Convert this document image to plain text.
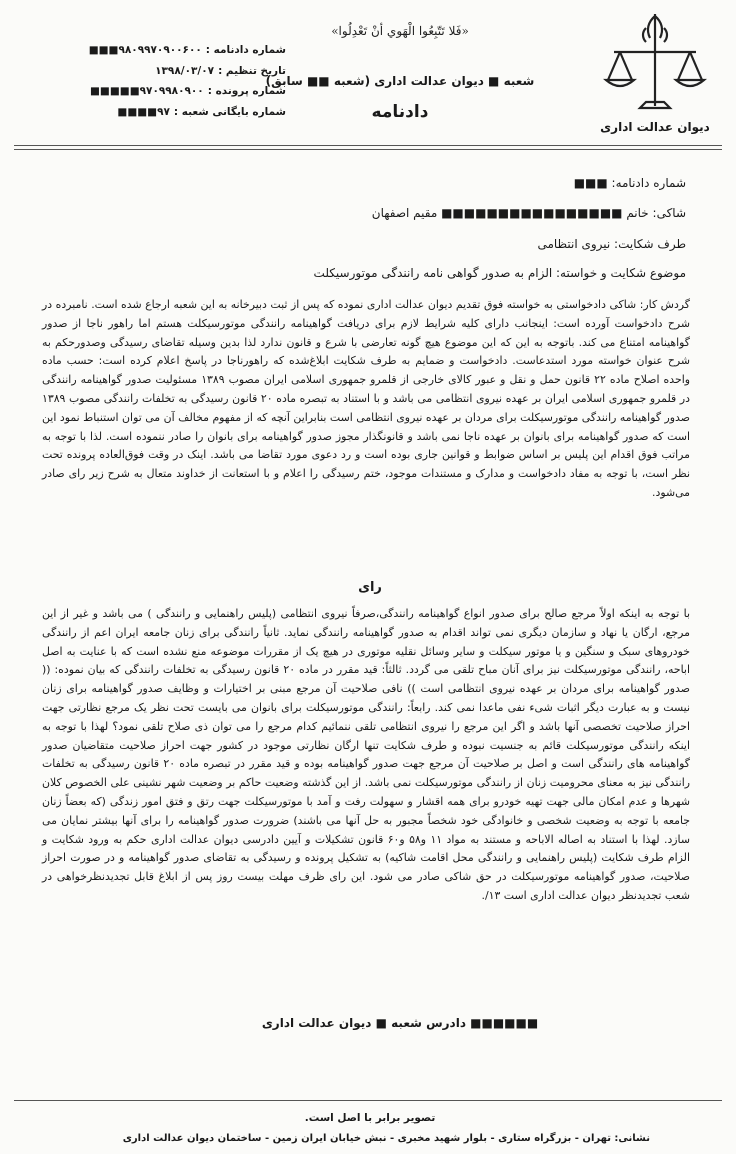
دیوان عدالت اداری
«فَلا تَتّبِعُوا الْهَوي أنْ تَعْدِلُوا»
شعبه ■ دیوان عدالت اداری (شعبه ■■ سابق)
دادنامه
شماره دادنامه :
۹۸۰۹۹۷۰۹۰۰۶۰۰■■■
تاریخ تنظیم :
۱۳۹۸/۰۳/۰۷
شماره پرونده :
۹۷۰۹۹۸۰۹۰۰■■■■■
شماره بایگانی شعبه :
۹۷■■■■
شماره دادنامه: ■■■
شاکی: خانم ■■■■■■■■■■■■■■■■ مقیم اصفهان
طرف شکایت: نیروی انتظامی
موضوع شکایت و خواسته: الزام به صدور گواهی نامه رانندگی موتورسیکلت
گردش کار: شاکی دادخواستی به خواسته فوق تقدیم دیوان عدالت اداری نموده که پس از ثبت دبیرخانه به این شعبه ارجاع شده است. نامبرده در شرح دادخواست آورده است: اینجانب دارای کلیه شرایط لازم برای دریافت گواهینامه رانندگی موتورسیکلت هستم اما راهور ناجا از صدور گواهینامه امتناع می کند. باتوجه به این که این موضوع هیچ گونه تعارضی با شرع و قانون ندارد لذا بدین وسیله تقاضای رسیدگی وصدورحکم به شرح عنوان خواسته مورد استدعاست. دادخواست و ضمایم به طرف شکایت ابلاغ‌شده که راهورناجا در پاسخ اعلام کرده است: حسب ماده واحده اصلاح ماده ۲۲ قانون حمل و نقل و عبور کالای خارجی از قلمرو جمهوری اسلامی ایران مصوب ۱۳۸۹ مسئولیت صدور گواهینامه رانندگی در قلمرو جمهوری اسلامی ایران بر عهده نیروی انتظامی می باشد و با استناد به تبصره ماده ۲۰ قانون رسیدگی به تخلفات رانندگی مصوب ۱۳۸۹ صدور گواهینامه رانندگی موتورسیکلت برای مردان بر عهده نیروی انتظامی است بنابراین آنچه که از مفهوم مخالف آن می توان استنباط نمود این است که صدور گواهینامه برای بانوان بر عهده ناجا نمی باشد و قانونگذار مجوز صدور گواهینامه برای بانوان را صادر ننموده است. لذا با توجه به مراتب فوق اقدام این پلیس بر اساس ضوابط و قوانین جاری بوده است و رد دعوی مورد تقاضا می باشد. اینک در وقت فوق‌العاده پرونده تحت نظر است، با توجه به مفاد دادخواست و مدارک و مستندات موجود، ختم رسیدگی را اعلام و با استعانت از خداوند متعال به شرح زیر رای صادر می‌شود.
رای
با توجه به اینکه اولاً مرجع صالح برای صدور انواع گواهینامه رانندگی،صرفاً نیروی انتظامی (پلیس راهنمایی و رانندگی ) می باشد و غیر از این مرجع، ارگان یا نهاد و سازمان دیگری نمی تواند اقدام به صدور گواهینامه رانندگی نماید. ثانیاً رانندگی برای زنان جامعه ایران اعم از رانندگی خودروهای سبک و سنگین و یا موتور سیکلت و سایر وسائل نقلیه موتوری در هیچ یک از مقررات موضوعه منع نشده است که با عنایت به اصل اباحه، رانندگی موتورسیکلت نیز برای آنان مباح تلقی می گردد. ثالثاً: قید مقرر در ماده ۲۰ قانون رسیدگی به تخلفات رانندگی که بیان نموده: (( صدور گواهینامه برای مردان بر عهده نیروی انتظامی است )) نافی صلاحیت آن مرجع مبنی بر اختیارات و وظایف صدور گواهینامه برای زنان نیست و به عبارت دیگر اثبات شیء نفی ماعدا نمی کند. رابعاً: رانندگی موتورسیکلت برای بانوان می بایست تحت نظر یک مرجع نظارتی جهت احراز صلاحیت تخصصی آنها باشد و اگر این مرجع را نیروی انتظامی تلقی ننمائیم کدام مرجع را می توان ذی صلاح تلقی نمود؟ لهذا با توجه به اینکه رانندگی موتورسیکلت قائم به جنسیت نبوده و طرف شکایت تنها ارگان نظارتی موجود در کشور جهت احراز صلاحیت متقاضیان صدور گواهینامه های رانندگی است و اصل بر صلاحیت آن مرجع جهت صدور گواهینامه بوده و قید مقرر در تبصره ماده ۲۰ قانون رسیدگی به تخلفات رانندگی نیز به معنای محرومیت زنان از رانندگی موتورسیکلت نمی باشد. از این گذشته وضعیت حاکم بر وضعیت شهر نشینی علی الخصوص کلان شهرها و عدم امکان مالی جهت تهیه خودرو برای همه اقشار و سهولت رفت و آمد با موتورسیکلت جهت رتق و فتق امور زندگی (که بعضاً زنان جامعه با توجه به وضعیت شخصی و خانوادگی خود شخصاً مجبور به حل آنها می باشند) ضرورت صدور گواهینامه را برای آنها بیشتر نمایان می سازد. لهذا با استناد به اصاله الاباحه و مستند به مواد ۱۱ و۵۸ و۶۰ قانون تشکیلات و آیین دادرسی دیوان عدالت اداری حکم به ورود شکایت و الزام طرف شکایت (پلیس راهنمایی و رانندگی محل اقامت شاکیه) به تشکیل پرونده و رسیدگی به تقاضای صدور گواهینامه و در صورت احراز صلاحیت، صدور گواهینامه موتورسیکلت در حق شاکی صادر می شود. این رای ظرف مهلت بیست روز پس از ابلاغ قابل تجدیدنظرخواهی در شعب تجدیدنظر دیوان عدالت اداری است ۱۳/.
■■■■■■ دادرس شعبه ■ دیوان عدالت اداری
تصویر برابر با اصل است.
نشانی: تهران - بزرگراه ستاری - بلوار شهید مخبری - نبش خیابان ایران زمین - ساختمان دیوان عدالت اداری
